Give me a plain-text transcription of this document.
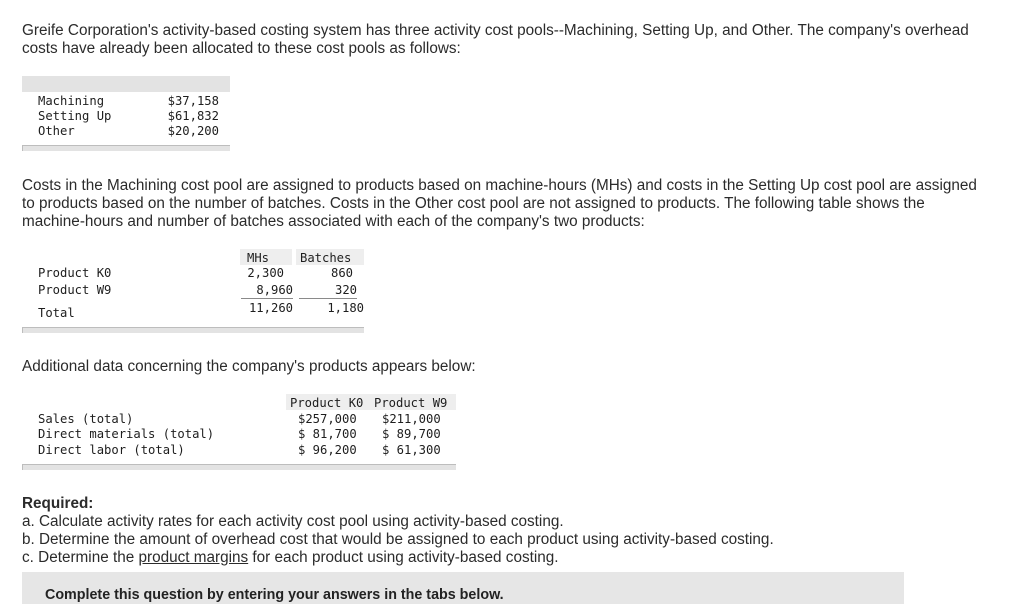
Greife Corporation's activity-based costing system has three activity cost pools--Machining, Setting Up, and Other. The company's overhead costs have already been allocated to these cost pools as follows:

Machining	$37,158
Setting Up	$61,832
Other	$20,200

Costs in the Machining cost pool are assigned to products based on machine-hours (MHs) and costs in the Setting Up cost pool are assigned to products based on the number of batches. Costs in the Other cost pool are not assigned to products. The following table shows the machine-hours and number of batches associated with each of the company's two products:

MHs	Batches
Product K0	2,300	860
Product W9	8,960	320
Total	11,260	1,180

Additional data concerning the company's products appears below:

Product K0 Product W9
Sales (total)	$257,000 $211,000
Direct materials (total)	$ 81,700 $ 89,700
Direct labor (total)	$ 96,200 $ 61,300
Required:
a. Calculate activity rates for each activity cost pool using activity-based costing.
b. Determine the amount of overhead cost that would be assigned to each product using activity-based costing.
c. Determine the product margins for each product using activity-based costing.
Complete this question by entering your answers in the tabs below.
